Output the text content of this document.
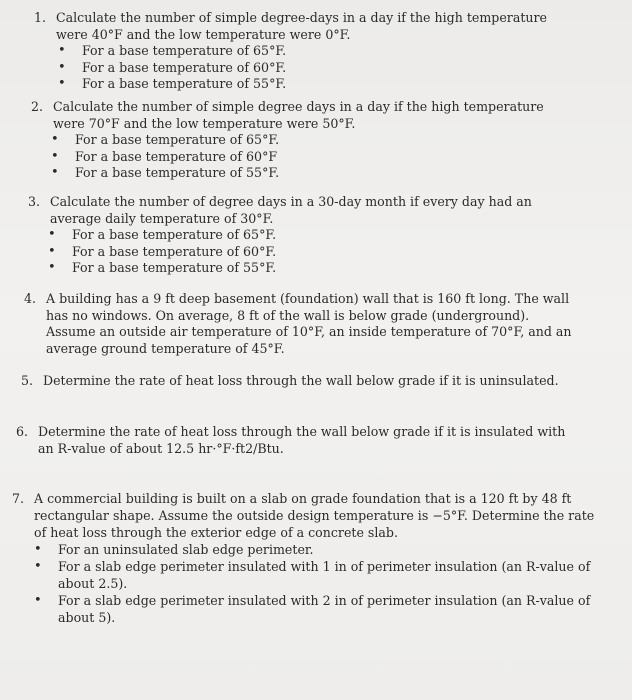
1. Calculate the number of simple degree-days in a day if the high temperature were 40°F and the low temperature were 0°F.
•	For a base temperature of 65°F.
•	For a base temperature of 60°F.
•	For a base temperature of 55°F.
2. Calculate the number of simple degree days in a day if the high temperature were 70°F and the low temperature were 50°F.
•	For a base temperature of 65°F.
•	For a base temperature of 60°F
•	For a base temperature of 55°F.
3. Calculate the number of degree days in a 30-day month if every day had an average daily temperature of 30°F.
•	For a base temperature of 65°F.
•	For a base temperature of 60°F.
•	For a base temperature of 55°F.
4. A building has a 9 ft deep basement (foundation) wall that is 160 ft long. The wall has no windows. On average, 8 ft of the wall is below grade (underground). Assume an outside air temperature of 10°F, an inside temperature of 70°F, and an average ground temperature of 45°F.
5. Determine the rate of heat loss through the wall below grade if it is uninsulated.
6. Determine the rate of heat loss through the wall below grade if it is insulated with an R-value of about 12.5 hr·°F·ft2/Btu.
7. A commercial building is built on a slab on grade foundation that is a 120 ft by 48 ft rectangular shape. Assume the outside design temperature is −5°F. Determine the rate of heat loss through the exterior edge of a concrete slab.
•	For an uninsulated slab edge perimeter.
•	For a slab edge perimeter insulated with 1 in of perimeter insulation (an R-value of about 2.5).
•	For a slab edge perimeter insulated with 2 in of perimeter insulation (an R-value of about 5).
